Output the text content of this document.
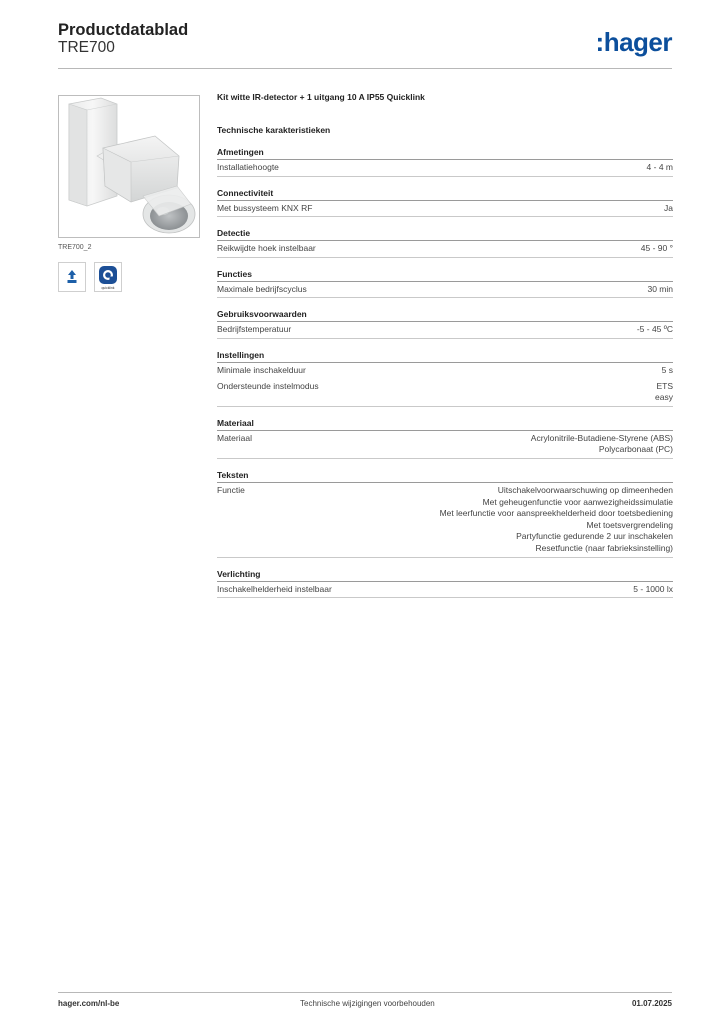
Productdatablad
TRE700	:hager
TRE700_2
quicklink
Kit witte IR-detector + 1 uitgang 10 A IP55 Quicklink
Technische karakteristieken
Afmetingen
Installatiehoogte	4 - 4 m
Connectiviteit
Met bussysteem KNX RF	Ja
Detectie
Reikwijdte hoek instelbaar	45 - 90 °
Functies
Maximale bedrijfscyclus	30 min
Gebruiksvoorwaarden
Bedrijfstemperatuur	-5 - 45 ºC
Instellingen
Minimale inschakelduur	5 s
Ondersteunde instelmodus	ETS
easy
Materiaal
Materiaal	Acrylonitrile-Butadiene-Styrene (ABS)
Polycarbonaat (PC)
Teksten
Functie	Uitschakelvoorwaarschuwing op dimeenheden
Met geheugenfunctie voor aanwezigheidssimulatie
Met leerfunctie voor aanspreekhelderheid door toetsbediening
Met toetsvergrendeling
Partyfunctie gedurende 2 uur inschakelen
Resetfunctie (naar fabrieksinstelling)
Verlichting
Inschakelhelderheid instelbaar	5 - 1000 lx
hager.com/nl-be	Technische wijzigingen voorbehouden	01.07.2025
